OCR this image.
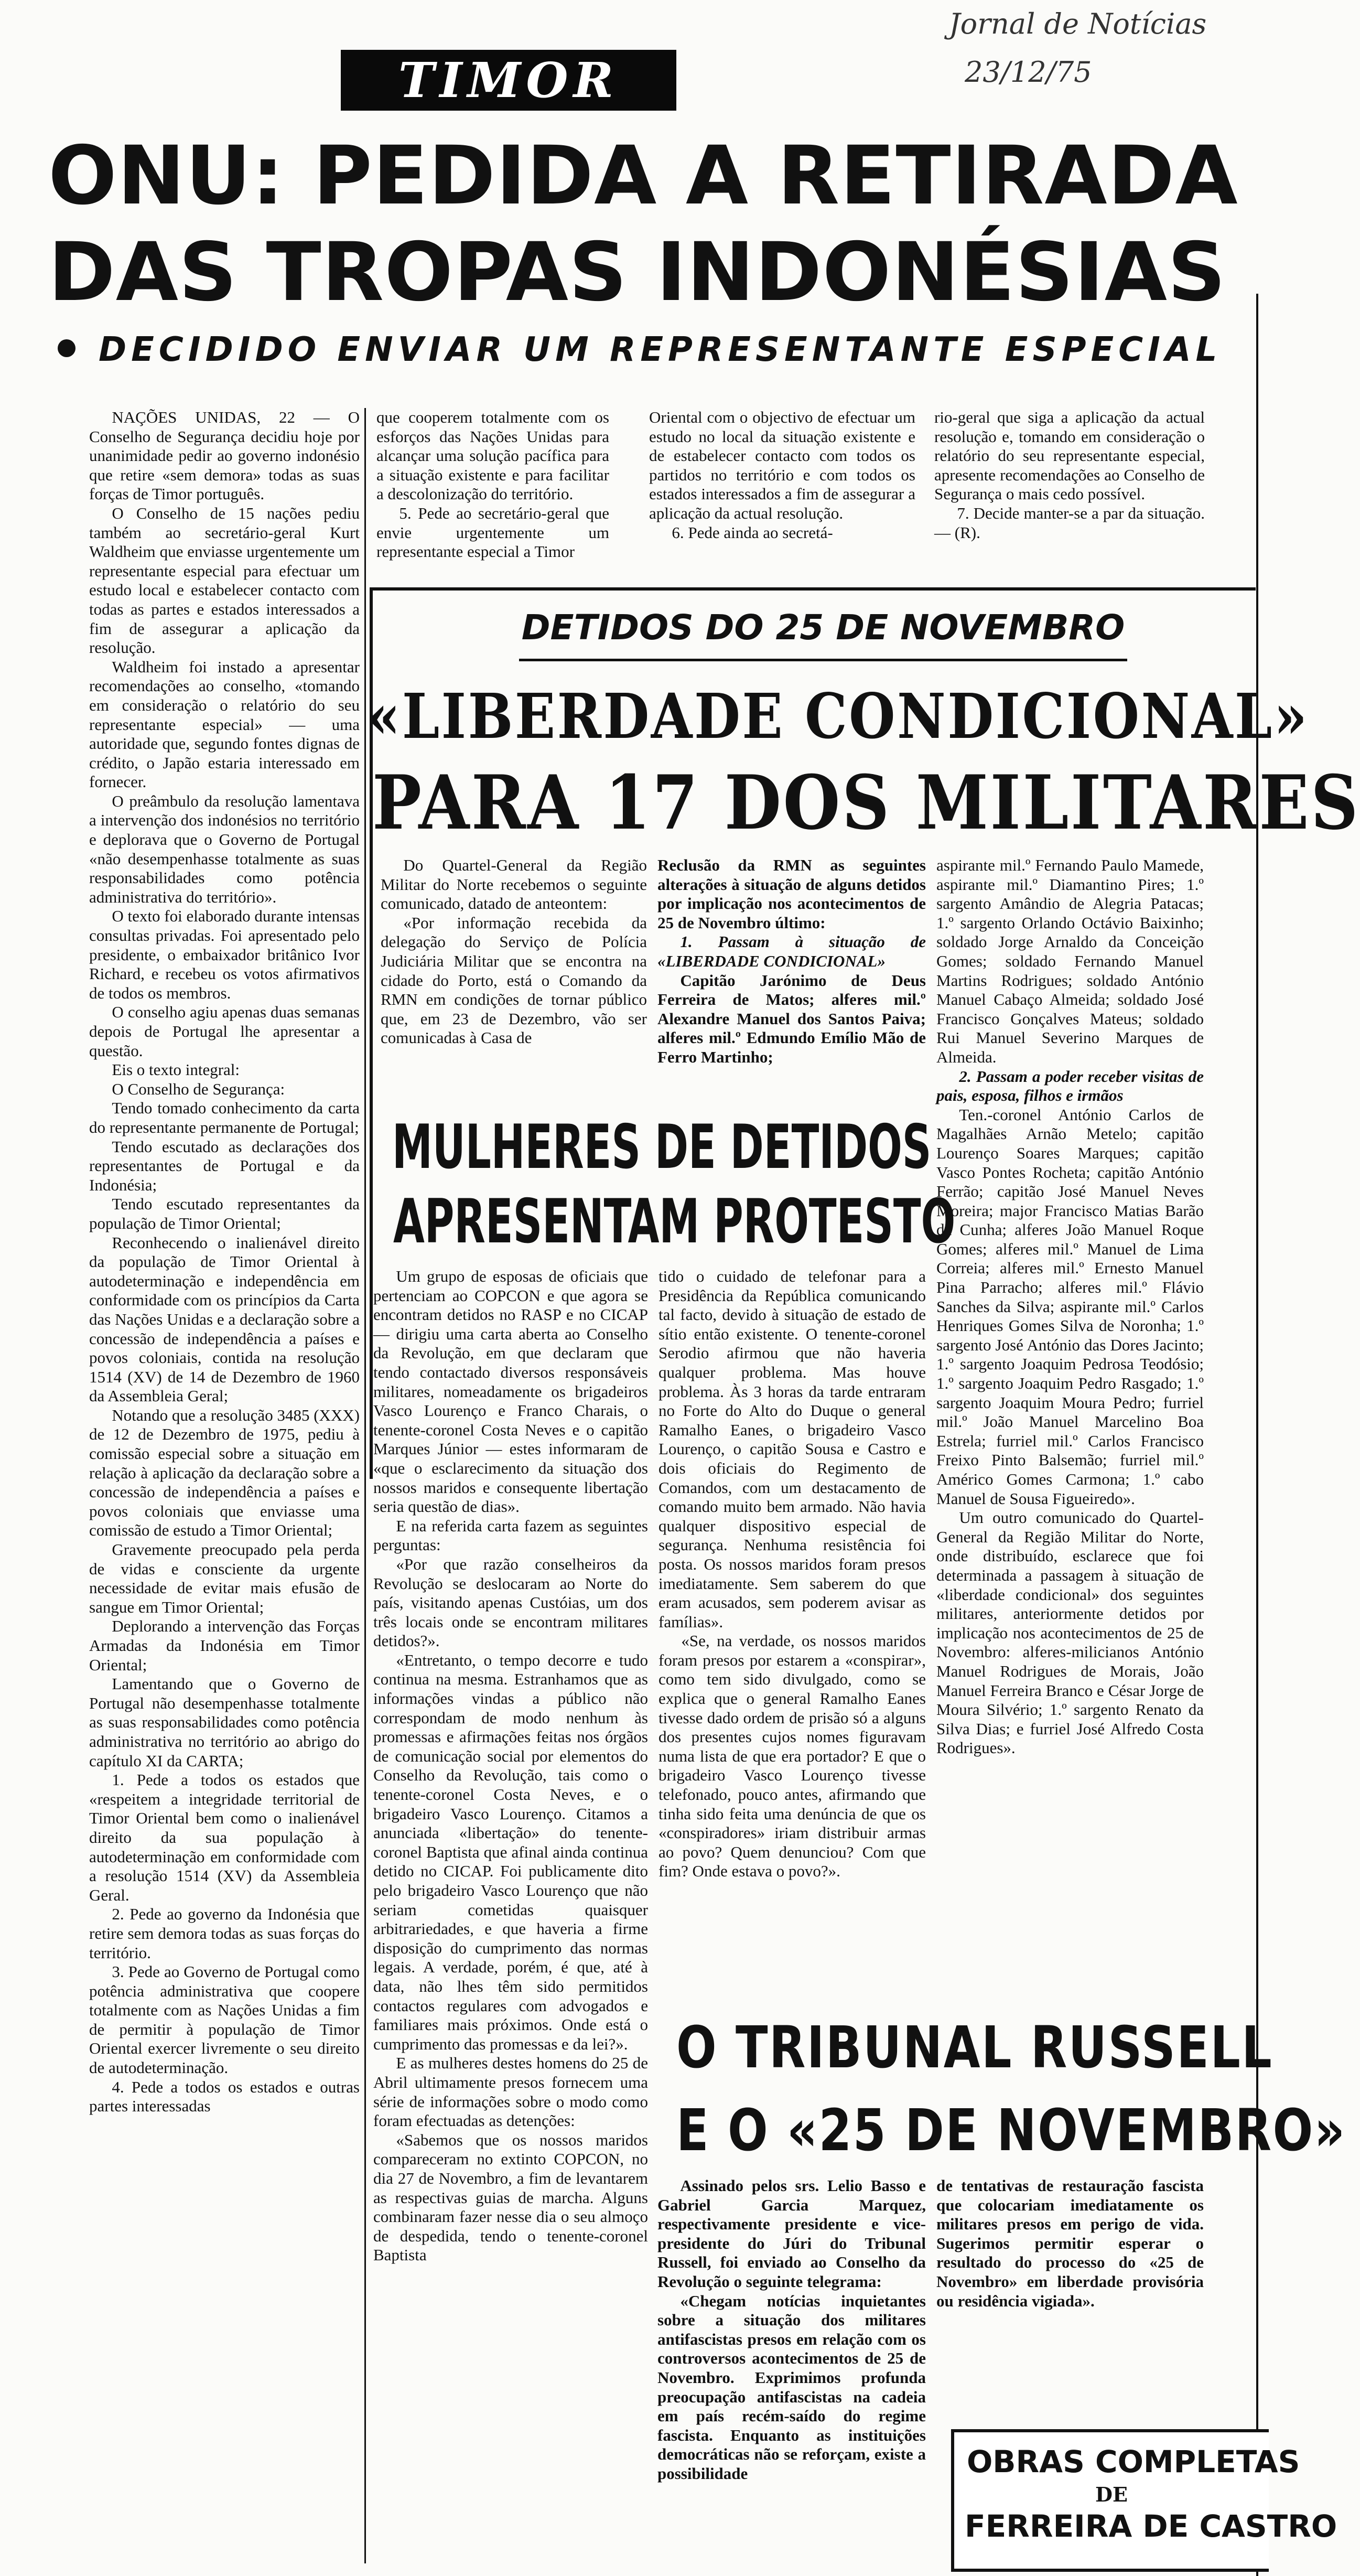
Jornal de Notícias
23/12/75
TIMOR
ONU: PEDIDA A RETIRADA
DAS TROPAS INDONÉSIAS
DECIDIDO ENVIAR UM REPRESENTANTE ESPECIAL

NAÇÕES UNIDAS, 22 — O Conselho de Segurança decidiu hoje por unanimidade pedir ao governo indonésio que retire «sem demora» todas as suas forças de Timor português.

O Conselho de 15 nações pediu também ao secretário-geral Kurt Waldheim que enviasse urgentemente um representante especial para efectuar um estudo local e estabelecer contacto com todas as partes e estados interessados a fim de assegurar a aplicação da resolução.

Waldheim foi instado a apresentar recomendações ao conselho, «tomando em consideração o relatório do seu representante especial» — uma autoridade que, segundo fontes dignas de crédito, o Japão estaria interessado em fornecer.

O preâmbulo da resolução lamentava a intervenção dos indonésios no território e deplorava que o Governo de Portugal «não desempenhasse totalmente as suas responsabilidades como potência administrativa do território».

O texto foi elaborado durante intensas consultas privadas. Foi apresentado pelo presidente, o embaixador britânico Ivor Richard, e recebeu os votos afirmativos de todos os membros.

O conselho agiu apenas duas semanas depois de Portugal lhe apresentar a questão.

Eis o texto integral:

O Conselho de Segurança:

Tendo tomado conhecimento da carta do representante permanente de Portugal;

Tendo escutado as declarações dos representantes de Portugal e da Indonésia;

Tendo escutado representantes da população de Timor Oriental;

Reconhecendo o inalienável direito da população de Timor Oriental à autodeterminação e independência em conformidade com os princípios da Carta das Nações Unidas e a declaração sobre a concessão de independência a países e povos coloniais, contida na resolução 1514 (XV) de 14 de Dezembro de 1960 da Assembleia Geral;

Notando que a resolução 3485 (XXX) de 12 de Dezembro de 1975, pediu à comissão especial sobre a situação em relação à aplicação da declaração sobre a concessão de independência a países e povos coloniais que enviasse uma comissão de estudo a Timor Oriental;

Gravemente preocupado pela perda de vidas e consciente da urgente necessidade de evitar mais efusão de sangue em Timor Oriental;

Deplorando a intervenção das Forças Armadas da Indonésia em Timor Oriental;

Lamentando que o Governo de Portugal não desempenhasse totalmente as suas responsabilidades como potência administrativa no território ao abrigo do capítulo XI da CARTA;

1. Pede a todos os estados que «respeitem a integridade territorial de Timor Oriental bem como o inalienável direito da sua população à autodeterminação em conformidade com a resolução 1514 (XV) da Assembleia Geral.

2. Pede ao governo da Indonésia que retire sem demora todas as suas forças do território.

3. Pede ao Governo de Portugal como potência administrativa que coopere totalmente com as Nações Unidas a fim de permitir à população de Timor Oriental exercer livremente o seu direito de autodeterminação.

4. Pede a todos os estados e outras partes interessadas

que cooperem totalmente com os esforços das Nações Unidas para alcançar uma solução pacífica para a situação existente e para facilitar a descolonização do território.

5. Pede ao secretário-geral que envie urgentemente um representante especial a Timor

Oriental com o objectivo de efectuar um estudo no local da situação existente e de estabelecer contacto com todos os partidos no território e com todos os estados interessados a fim de assegurar a aplicação da actual resolução.

6. Pede ainda ao secretá-

rio-geral que siga a aplicação da actual resolução e, tomando em consideração o relatório do seu representante especial, apresente recomendações ao Conselho de Segurança o mais cedo possível.

7. Decide manter-se a par da situação. — (R).

DETIDOS DO 25 DE NOVEMBRO
«LIBERDADE CONDICIONAL»
PARA 17 DOS MILITARES

Do Quartel-General da Região Militar do Norte recebemos o seguinte comunicado, datado de anteontem:

«Por informação recebida da delegação do Serviço de Polícia Judiciária Militar que se encontra na cidade do Porto, está o Comando da RMN em condições de tornar público que, em 23 de Dezembro, vão ser comunicadas à Casa de

Reclusão da RMN as seguintes alterações à situação de alguns detidos por implicação nos acontecimentos de 25 de Novembro último:

1. Passam à situação de «LIBERDADE CONDICIONAL»

Capitão Jarónimo de Deus Ferreira de Matos; alferes mil.º Alexandre Manuel dos Santos Paiva; alferes mil.º Edmundo Emílio Mão de Ferro Martinho;

aspirante mil.º Fernando Paulo Mamede, aspirante mil.º Diamantino Pires; 1.º sargento Amândio de Alegria Patacas; 1.º sargento Orlando Octávio Baixinho; soldado Jorge Arnaldo da Conceição Gomes; soldado Fernando Manuel Martins Rodrigues; soldado António Manuel Cabaço Almeida; soldado José Francisco Gonçalves Mateus; soldado Rui Manuel Severino Marques de Almeida.

2. Passam a poder receber visitas de pais, esposa, filhos e irmãos

Ten.-coronel António Carlos de Magalhães Arnão Metelo; capitão Lourenço Soares Marques; capitão Vasco Pontes Rocheta; capitão António Ferrão; capitão José Manuel Neves Moreira; major Francisco Matias Barão da Cunha; alferes João Manuel Roque Gomes; alferes mil.º Manuel de Lima Correia; alferes mil.º Ernesto Manuel Pina Parracho; alferes mil.º Flávio Sanches da Silva; aspirante mil.º Carlos Henriques Gomes Silva de Noronha; 1.º sargento José António das Dores Jacinto; 1.º sargento Joaquim Pedrosa Teodósio; 1.º sargento Joaquim Pedro Rasgado; 1.º sargento Joaquim Moura Pedro; furriel mil.º João Manuel Marcelino Boa Estrela; furriel mil.º Carlos Francisco Freixo Pinto Balsemão; furriel mil.º Américo Gomes Carmona; 1.º cabo Manuel de Sousa Figueiredo».

Um outro comunicado do Quartel-General da Região Militar do Norte, onde distribuído, esclarece que foi determinada a passagem à situação de «liberdade condicional» dos seguintes militares, anteriormente detidos por implicação nos acontecimentos de 25 de Novembro: alferes-milicianos António Manuel Rodrigues de Morais, João Manuel Ferreira Branco e César Jorge de Moura Silvério; 1.º sargento Renato da Silva Dias; e furriel José Alfredo Costa Rodrigues».

MULHERES DE DETIDOS
APRESENTAM PROTESTO

Um grupo de esposas de oficiais que pertenciam ao COPCON e que agora se encontram detidos no RASP e no CICAP — dirigiu uma carta aberta ao Conselho da Revolução, em que declaram que tendo contactado diversos responsáveis militares, nomeadamente os brigadeiros Vasco Lourenço e Franco Charais, o tenente-coronel Costa Neves e o capitão Marques Júnior — estes informaram de «que o esclarecimento da situação dos nossos maridos e consequente libertação seria questão de dias».

E na referida carta fazem as seguintes perguntas:

«Por que razão conselheiros da Revolução se deslocaram ao Norte do país, visitando apenas Custóias, um dos três locais onde se encontram militares detidos?».

«Entretanto, o tempo decorre e tudo continua na mesma. Estranhamos que as informações vindas a público não correspondam de modo nenhum às promessas e afirmações feitas nos órgãos de comunicação social por elementos do Conselho da Revolução, tais como o tenente-coronel Costa Neves, e o brigadeiro Vasco Lourenço. Citamos a anunciada «libertação» do tenente-coronel Baptista que afinal ainda continua detido no CICAP. Foi publicamente dito pelo brigadeiro Vasco Lourenço que não seriam cometidas quaisquer arbitrariedades, e que haveria a firme disposição do cumprimento das normas legais. A verdade, porém, é que, até à data, não lhes têm sido permitidos contactos regulares com advogados e familiares mais próximos. Onde está o cumprimento das promessas e da lei?».

E as mulheres destes homens do 25 de Abril ultimamente presos fornecem uma série de informações sobre o modo como foram efectuadas as detenções:

«Sabemos que os nossos maridos compareceram no extinto COPCON, no dia 27 de Novembro, a fim de levantarem as respectivas guias de marcha. Alguns combinaram fazer nesse dia o seu almoço de despedida, tendo o tenente-coronel Baptista

tido o cuidado de telefonar para a Presidência da República comunicando tal facto, devido à situação de estado de sítio então existente. O tenente-coronel Serodio afirmou que não haveria qualquer problema. Mas houve problema. Às 3 horas da tarde entraram no Forte do Alto do Duque o general Ramalho Eanes, o brigadeiro Vasco Lourenço, o capitão Sousa e Castro e dois oficiais do Regimento de Comandos, com um destacamento de comando muito bem armado. Não havia qualquer dispositivo especial de segurança. Nenhuma resistência foi posta. Os nossos maridos foram presos imediatamente. Sem saberem do que eram acusados, sem poderem avisar as famílias».

«Se, na verdade, os nossos maridos foram presos por estarem a «conspirar», como tem sido divulgado, como se explica que o general Ramalho Eanes tivesse dado ordem de prisão só a alguns dos presentes cujos nomes figuravam numa lista de que era portador? E que o brigadeiro Vasco Lourenço tivesse telefonado, pouco antes, afirmando que tinha sido feita uma denúncia de que os «conspiradores» iriam distribuir armas ao povo? Quem denunciou? Com que fim? Onde estava o povo?».

O TRIBUNAL RUSSELL
E O «25 DE NOVEMBRO»

Assinado pelos srs. Lelio Basso e Gabriel Garcia Marquez, respectivamente presidente e vice-presidente do Júri do Tribunal Russell, foi enviado ao Conselho da Revolução o seguinte telegrama:

«Chegam notícias inquietantes sobre a situação dos militares antifascistas presos em relação com os controversos acontecimentos de 25 de Novembro. Exprimimos profunda preocupação antifascistas na cadeia em país recém-saído do regime fascista. Enquanto as instituições democráticas não se reforçam, existe a possibilidade

de tentativas de restauração fascista que colocariam imediatamente os militares presos em perigo de vida. Sugerimos permitir esperar o resultado do processo do «25 de Novembro» em liberdade provisória ou residência vigiada».

OBRAS COMPLETAS
DE
FERREIRA DE CASTRO
